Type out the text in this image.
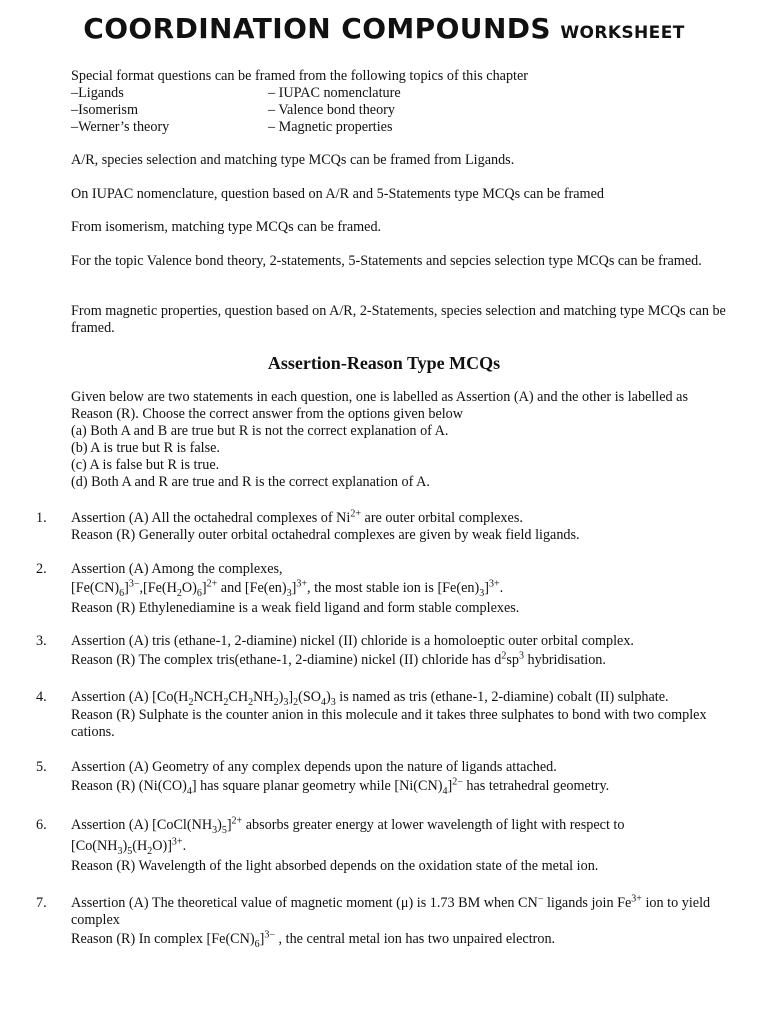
COORDINATION COMPOUNDS WORKSHEET
Special format questions can be framed from the following topics of this chapter
–Ligands	– IUPAC nomenclature
–Isomerism	– Valence bond theory
–Werner’s theory	– Magnetic properties
A/R, species selection and matching type MCQs can be framed from Ligands.
On IUPAC nomenclature, question based on A/R and 5-Statements type MCQs can be framed
From isomerism, matching type MCQs can be framed.
For the topic Valence bond theory, 2-statements, 5-Statements and sepcies selection type MCQs can be framed.
From magnetic properties, question based on A/R, 2-Statements, species selection and matching type MCQs can be framed.
Assertion-Reason Type MCQs
Given below are two statements in each question, one is labelled as Assertion (A) and the other is labelled as Reason (R). Choose the correct answer from the options given below
(a) Both A and B are true but R is not the correct explanation of A.
(b) A is true but R is false.
(c) A is false but R is true.
(d) Both A and R are true and R is the correct explanation of A.
1.	Assertion (A) All the octahedral complexes of $Ni^{2+}$ are outer orbital complexes.
Reason (R) Generally outer orbital octahedral complexes are given by weak field ligands.
2.	Assertion (A) Among the complexes,
$[Fe(CN)_6]^{3-},[Fe(H_2O)_6]^{2+}$ and $[Fe(en)_3]^{3+}$, the most stable ion is $[Fe(en)_3]^{3+}$.
Reason (R) Ethylenediamine is a weak field ligand and form stable complexes.
3.	Assertion (A) tris (ethane-1, 2-diamine) nickel (II) chloride is a homoloeptic outer orbital complex.
Reason (R) The complex tris(ethane-1, 2-diamine) nickel (II) chloride has $d^2sp^3$ hybridisation.
4.	Assertion (A) $[Co(H_2NCH_2CH_2NH_2)_3]_2(SO_4)_3$ is named as tris (ethane-1, 2-diamine) cobalt (II) sulphate.
Reason (R) Sulphate is the counter anion in this molecule and it takes three sulphates to bond with two complex cations.
5.	Assertion (A) Geometry of any complex depends upon the nature of ligands attached.
Reason (R) $(Ni(CO)_4]$ has square planar geometry while $[Ni(CN)_4]^{2-}$ has tetrahedral geometry.
6.	Assertion (A) $[CoCl(NH_3)_5]^{2+}$ absorbs greater energy at lower wavelength of light with respect to
$[Co(NH_3)_5(H_2O)]^{3+}$.
Reason (R) Wavelength of the light absorbed depends on the oxidation state of the metal ion.
7.	Assertion (A) The theoretical value of magnetic moment (μ) is 1.73 BM when CN− ligands join $Fe^{3+}$ ion to yield complex
Reason (R) In complex $[Fe(CN)_6]^{3-}$ , the central metal ion has two unpaired electron.
